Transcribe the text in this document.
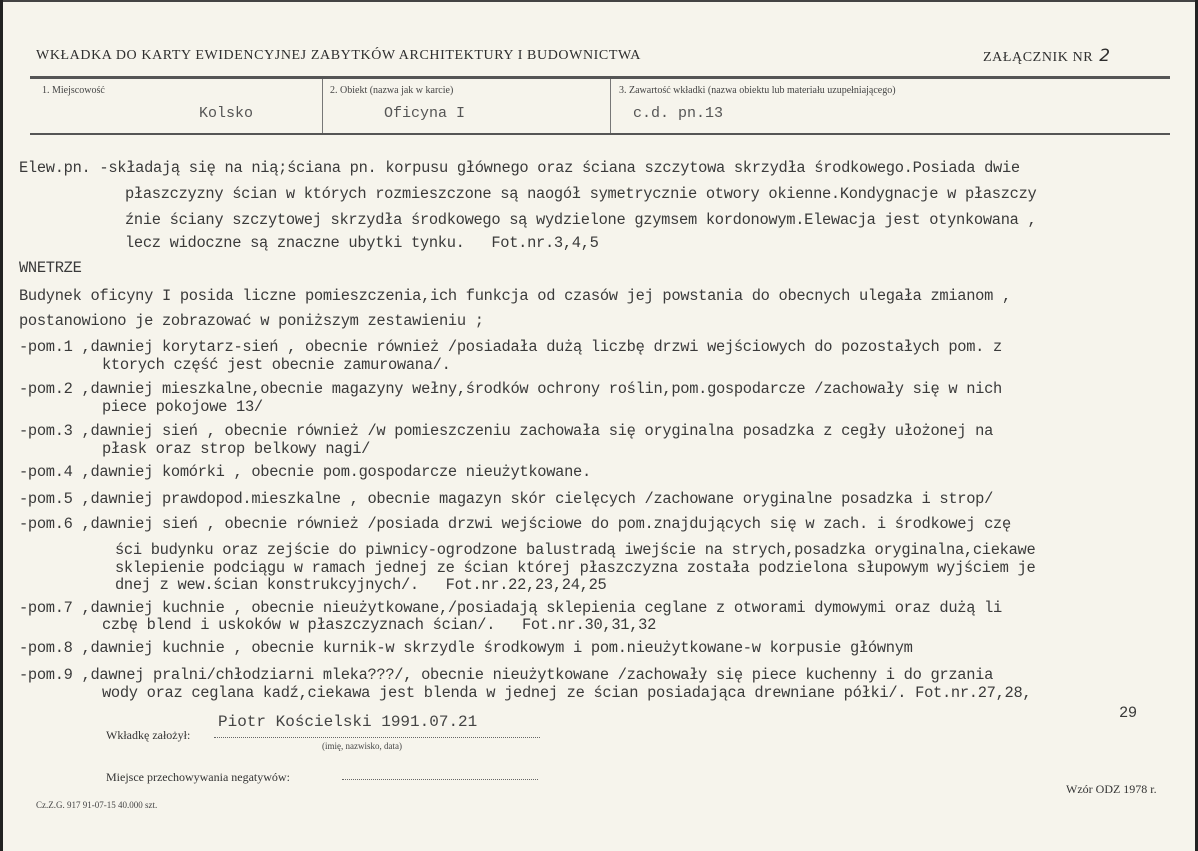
WKŁADKA DO KARTY EWIDENCYJNEJ ZABYTKÓW ARCHITEKTURY I BUDOWNICTWA	ZAŁĄCZNIK NR 2
1. Miejscowość
Kolsko
2. Obiekt (nazwa jak w karcie)
Oficyna I
3. Zawartość wkładki (nazwa obiektu lub materiału uzupełniającego)
c.d. pn.13
Elew.pn. -składają się na nią;ściana pn. korpusu głównego oraz ściana szczytowa skrzydła środkowego.Posiada dwie
płaszczyzny ścian w których rozmieszczone są naogół symetrycznie otwory okienne.Kondygnacje w płaszczy
źnie ściany szczytowej skrzydła środkowego są wydzielone gzymsem kordonowym.Elewacja jest otynkowana ,
lecz widoczne są znaczne ubytki tynku.   Fot.nr.3,4,5
WNETRZE
Budynek oficyny I posida liczne pomieszczenia,ich funkcja od czasów jej powstania do obecnych ulegała zmianom ,
postanowiono je zobrazować w poniższym zestawieniu ;
-pom.1 ,dawniej korytarz-sień , obecnie również /posiadała dużą liczbę drzwi wejściowych do pozostałych pom. z
ktorych część jest obecnie zamurowana/.
-pom.2 ,dawniej mieszkalne,obecnie magazyny wełny,środków ochrony roślin,pom.gospodarcze /zachowały się w nich
piece pokojowe 13/
-pom.3 ,dawniej sień , obecnie również /w pomieszczeniu zachowała się oryginalna posadzka z cegły ułożonej na
płask oraz strop belkowy nagi/
-pom.4 ,dawniej komórki , obecnie pom.gospodarcze nieużytkowane.
-pom.5 ,dawniej prawdopod.mieszkalne , obecnie magazyn skór cielęcych /zachowane oryginalne posadzka i strop/
-pom.6 ,dawniej sień , obecnie również /posiada drzwi wejściowe do pom.znajdujących się w zach. i środkowej czę
ści budynku oraz zejście do piwnicy-ogrodzone balustradą iwejście na strych,posadzka oryginalna,ciekawe
sklepienie podciągu w ramach jednej ze ścian której płaszczyzna została podzielona słupowym wyjściem je
dnej z wew.ścian konstrukcyjnych/.   Fot.nr.22,23,24,25
-pom.7 ,dawniej kuchnie , obecnie nieużytkowane,/posiadają sklepienia ceglane z otworami dymowymi oraz dużą li
czbę blend i uskoków w płaszczyznach ścian/.   Fot.nr.30,31,32
-pom.8 ,dawniej kuchnie , obecnie kurnik-w skrzydle środkowym i pom.nieużytkowane-w korpusie głównym
-pom.9 ,dawnej pralni/chłodziarni mleka???/, obecnie nieużytkowane /zachowały się piece kuchenny i do grzania
wody oraz ceglana kadź,ciekawa jest blenda w jednej ze ścian posiadająca drewniane półki/. Fot.nr.27,28,
29
Wkładkę założył:
Piotr Kościelski 1991.07.21
(imię, nazwisko, data)
Miejsce przechowywania negatywów:
Wzór ODZ 1978 r.
Cz.Z.G. 917 91-07-15 40.000 szt.
